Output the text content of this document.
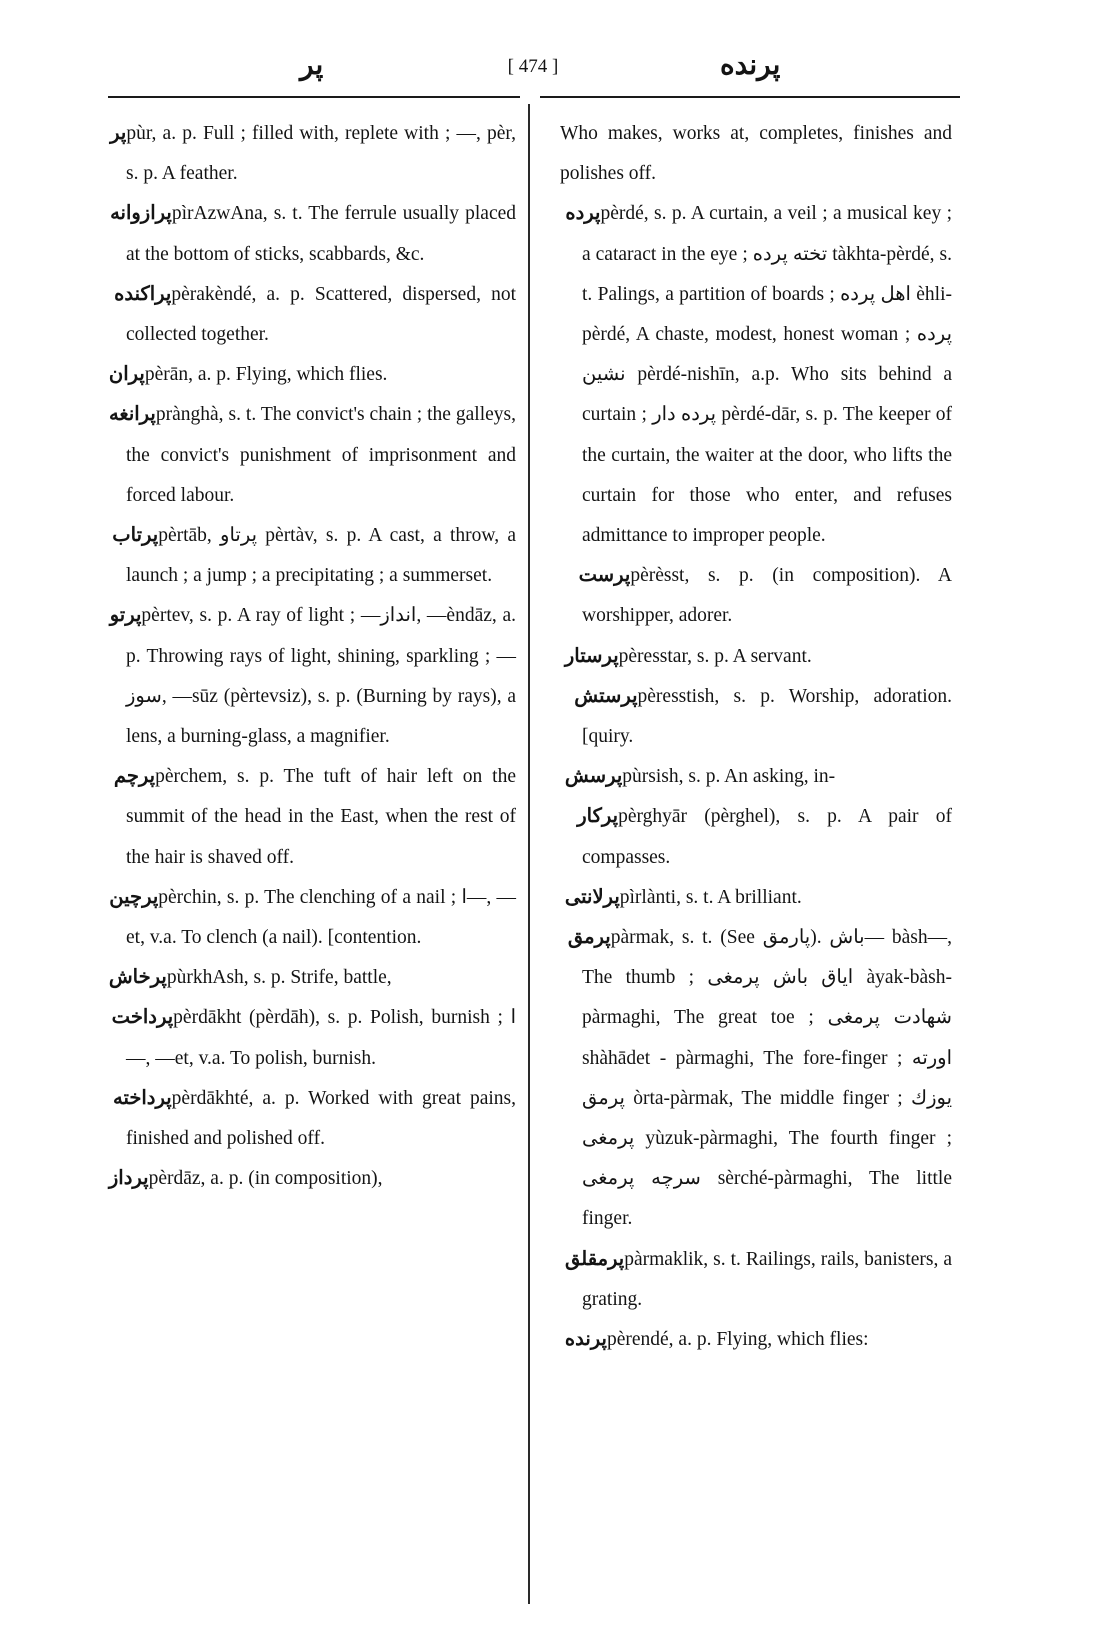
پر	[ 474 ]	پرندە

پرpùr, a. p. Full ; filled with, replete with ; —, pèr, s. p. A feather.

پرازوانهpìrAzwAna, s. t. The ferrule usually placed at the bottom of sticks, scabbards, &c.

پراكندهpèrakèndé, a. p. Scattered, dispersed, not collected together.

پرانpèrān, a. p. Flying, which flies.

پرانغهprànghà, s. t. The convict's chain ; the galleys, the convict's punishment of imprisonment and forced labour.

پرتابpèrtāb, پرتاو pèrtàv, s. p. A cast, a throw, a launch ; a jump ; a precipitating ; a summerset.

پرتوpèrtev, s. p. A ray of light ; —انداز, —èndāz, a. p. Throwing rays of light, shining, sparkling ; —سوز, —sūz (pèrtevsiz), s. p. (Burning by rays), a lens, a burning-glass, a magnifier.

پرچمpèrchem, s. p. The tuft of hair left on the summit of the head in the East, when the rest of the hair is shaved off.

پرچينpèrchin, s. p. The clenching of a nail ; ا—, —et, v.a. To clench (a nail). [contention.

پرخاشpùrkhAsh, s. p. Strife, battle,

پرداختpèrdākht (pèrdāh), s. p. Polish, burnish ; ا—, —et, v.a. To polish, burnish.

پرداختهpèrdākhté, a. p. Worked with great pains, finished and polished off.

پردازpèrdāz, a. p. (in composition),

Who makes, works at, completes, finishes and polishes off.

پردهpèrdé, s. p. A curtain, a veil ; a musical key ; a cataract in the eye ; تخته پرده tàkhta-pèrdé, s. t. Palings, a partition of boards ; اهل پرده èhli-pèrdé, A chaste, modest, honest woman ; پرده نشين pèrdé-nishīn, a.p. Who sits behind a curtain ; پرده دار pèrdé-dār, s. p. The keeper of the curtain, the waiter at the door, who lifts the curtain for those who enter, and refuses admittance to improper people.

پرستpèrèsst, s. p. (in composition). A worshipper, adorer.

پرستارpèresstar, s. p. A servant.

پرستشpèresstish, s. p. Worship, adoration. [quiry.

پرسشpùrsish, s. p. An asking, in-

پركارpèrghyār (pèrghel), s. p. A pair of compasses.

پرلانتىpìrlànti, s. t. A brilliant.

پرمقpàrmak, s. t. (See پارمق). باش— bàsh—, The thumb ; اياق باش پرمغى àyak-bàsh-pàrmaghi, The great toe ; شهادت پرمغى shàhādet - pàrmaghi, The fore-finger ; اورته پرمق òrta-pàrmak, The middle finger ; يوزك پرمغى yùzuk-pàrmaghi, The fourth finger ; سرچه پرمغى sèrché-pàrmaghi, The little finger.

پرمقلقpàrmaklik, s. t. Railings, rails, banisters, a grating.

پرندهpèrendé, a. p. Flying, which flies:
